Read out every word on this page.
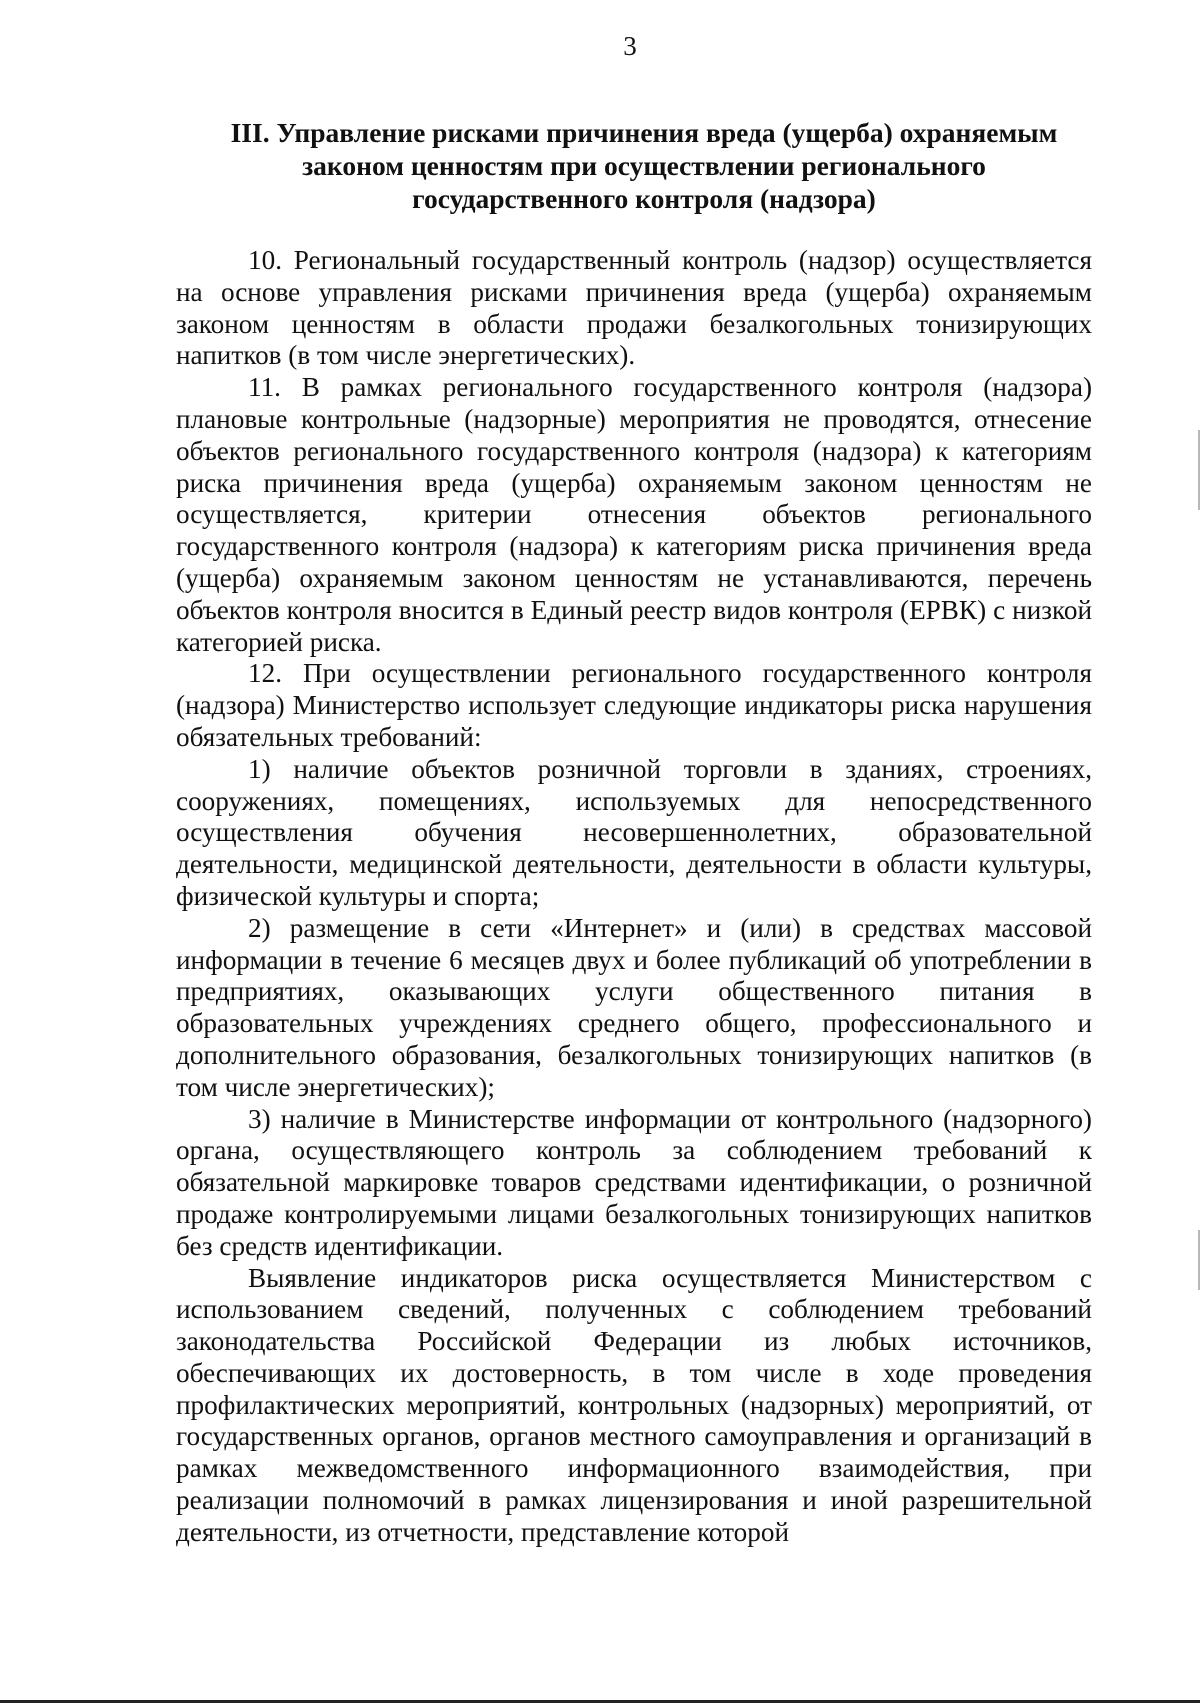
3
III. Управление рисками причинения вреда (ущерба) охраняемым
законом ценностям при осуществлении регионального
государственного контроля (надзора)

10. Региональный государственный контроль (надзор) осуществляется на основе управления рисками причинения вреда (ущерба) охраняемым законом ценностям в области продажи безалкогольных тонизирующих напитков (в том числе энергетических).

11. В рамках регионального государственного контроля (надзора) плановые контрольные (надзорные) мероприятия не проводятся, отнесение объектов регионального государственного контроля (надзора) к категориям риска причинения вреда (ущерба) охраняемым законом ценностям не осуществляется, критерии отнесения объектов регионального государственного контроля (надзора) к категориям риска причинения вреда (ущерба) охраняемым законом ценностям не устанавливаются, перечень объектов контроля вносится в Единый реестр видов контроля (ЕРВК) с низкой категорией риска.

12. При осуществлении регионального государственного контроля (надзора) Министерство использует следующие индикаторы риска нарушения обязательных требований:

1) наличие объектов розничной торговли в зданиях, строениях, сооружениях, помещениях, используемых для непосредственного осуществления обучения несовершеннолетних, образовательной деятельности, медицинской деятельности, деятельности в области культуры, физической культуры и спорта;

2) размещение в сети «Интернет» и (или) в средствах массовой информации в течение 6 месяцев двух и более публикаций об употреблении в предприятиях, оказывающих услуги общественного питания в образовательных учреждениях среднего общего, профессионального и дополнительного образования, безалкогольных тонизирующих напитков (в том числе энергетических);

3) наличие в Министерстве информации от контрольного (надзорного) органа, осуществляющего контроль за соблюдением требований к обязательной маркировке товаров средствами идентификации, о розничной продаже контролируемыми лицами безалкогольных тонизирующих напитков без средств идентификации.

Выявление индикаторов риска осуществляется Министерством с использованием сведений, полученных с соблюдением требований законодательства Российской Федерации из любых источников, обеспечивающих их достоверность, в том числе в ходе проведения профилактических мероприятий, контрольных (надзорных) мероприятий, от государственных органов, органов местного самоуправления и организаций в рамках межведомственного информационного взаимодействия, при реализации полномочий в рамках лицензирования и иной разрешительной деятельности, из отчетности, представление которой
